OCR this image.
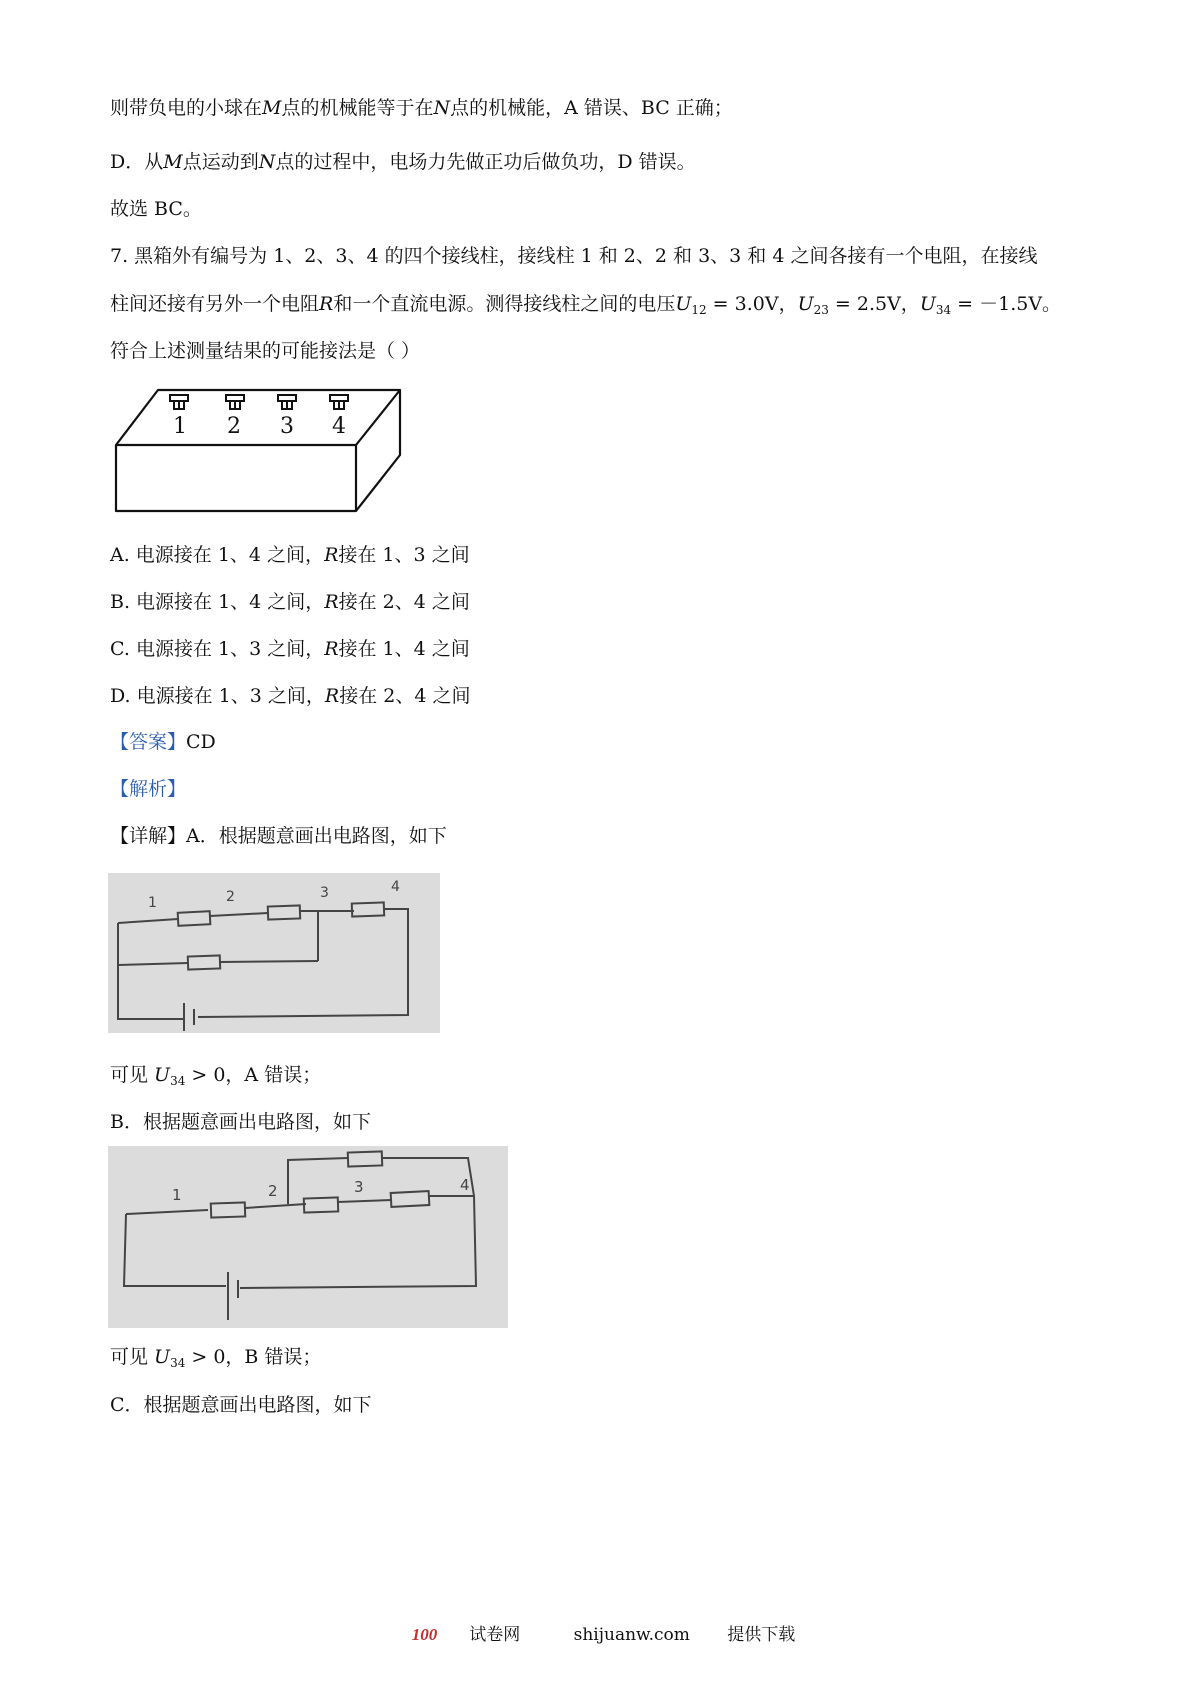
则带负电的小球在M点的机械能等于在N点的机械能，A 错误、BC 正确；
D．从M点运动到N点的过程中，电场力先做正功后做负功，D 错误。
故选 BC。
7. 黑箱外有编号为 1、2、3、4 的四个接线柱，接线柱 1 和 2、2 和 3、3 和 4 之间各接有一个电阻，在接线
柱间还接有另外一个电阻R和一个直流电源。测得接线柱之间的电压$U_{12} = 3.0V$，$U_{23} = 2.5V$，$U_{34} = -1.5V$。
符合上述测量结果的可能接法是（ ）
1 2 3 4
A. 电源接在 1、4 之间，R接在 1、3 之间
B. 电源接在 1、4 之间，R接在 2、4 之间
C. 电源接在 1、3 之间，R接在 1、4 之间
D. 电源接在 1、3 之间，R接在 2、4 之间
【答案】CD
【解析】
【详解】A．根据题意画出电路图，如下
1	2	3	4
可见 $U_{34} > 0$，A 错误；
B．根据题意画出电路图，如下
1	2	3	4
可见 $U_{34} > 0$，B 错误；
C．根据题意画出电路图，如下
100 试卷网	shijuanw.com 提供下载
